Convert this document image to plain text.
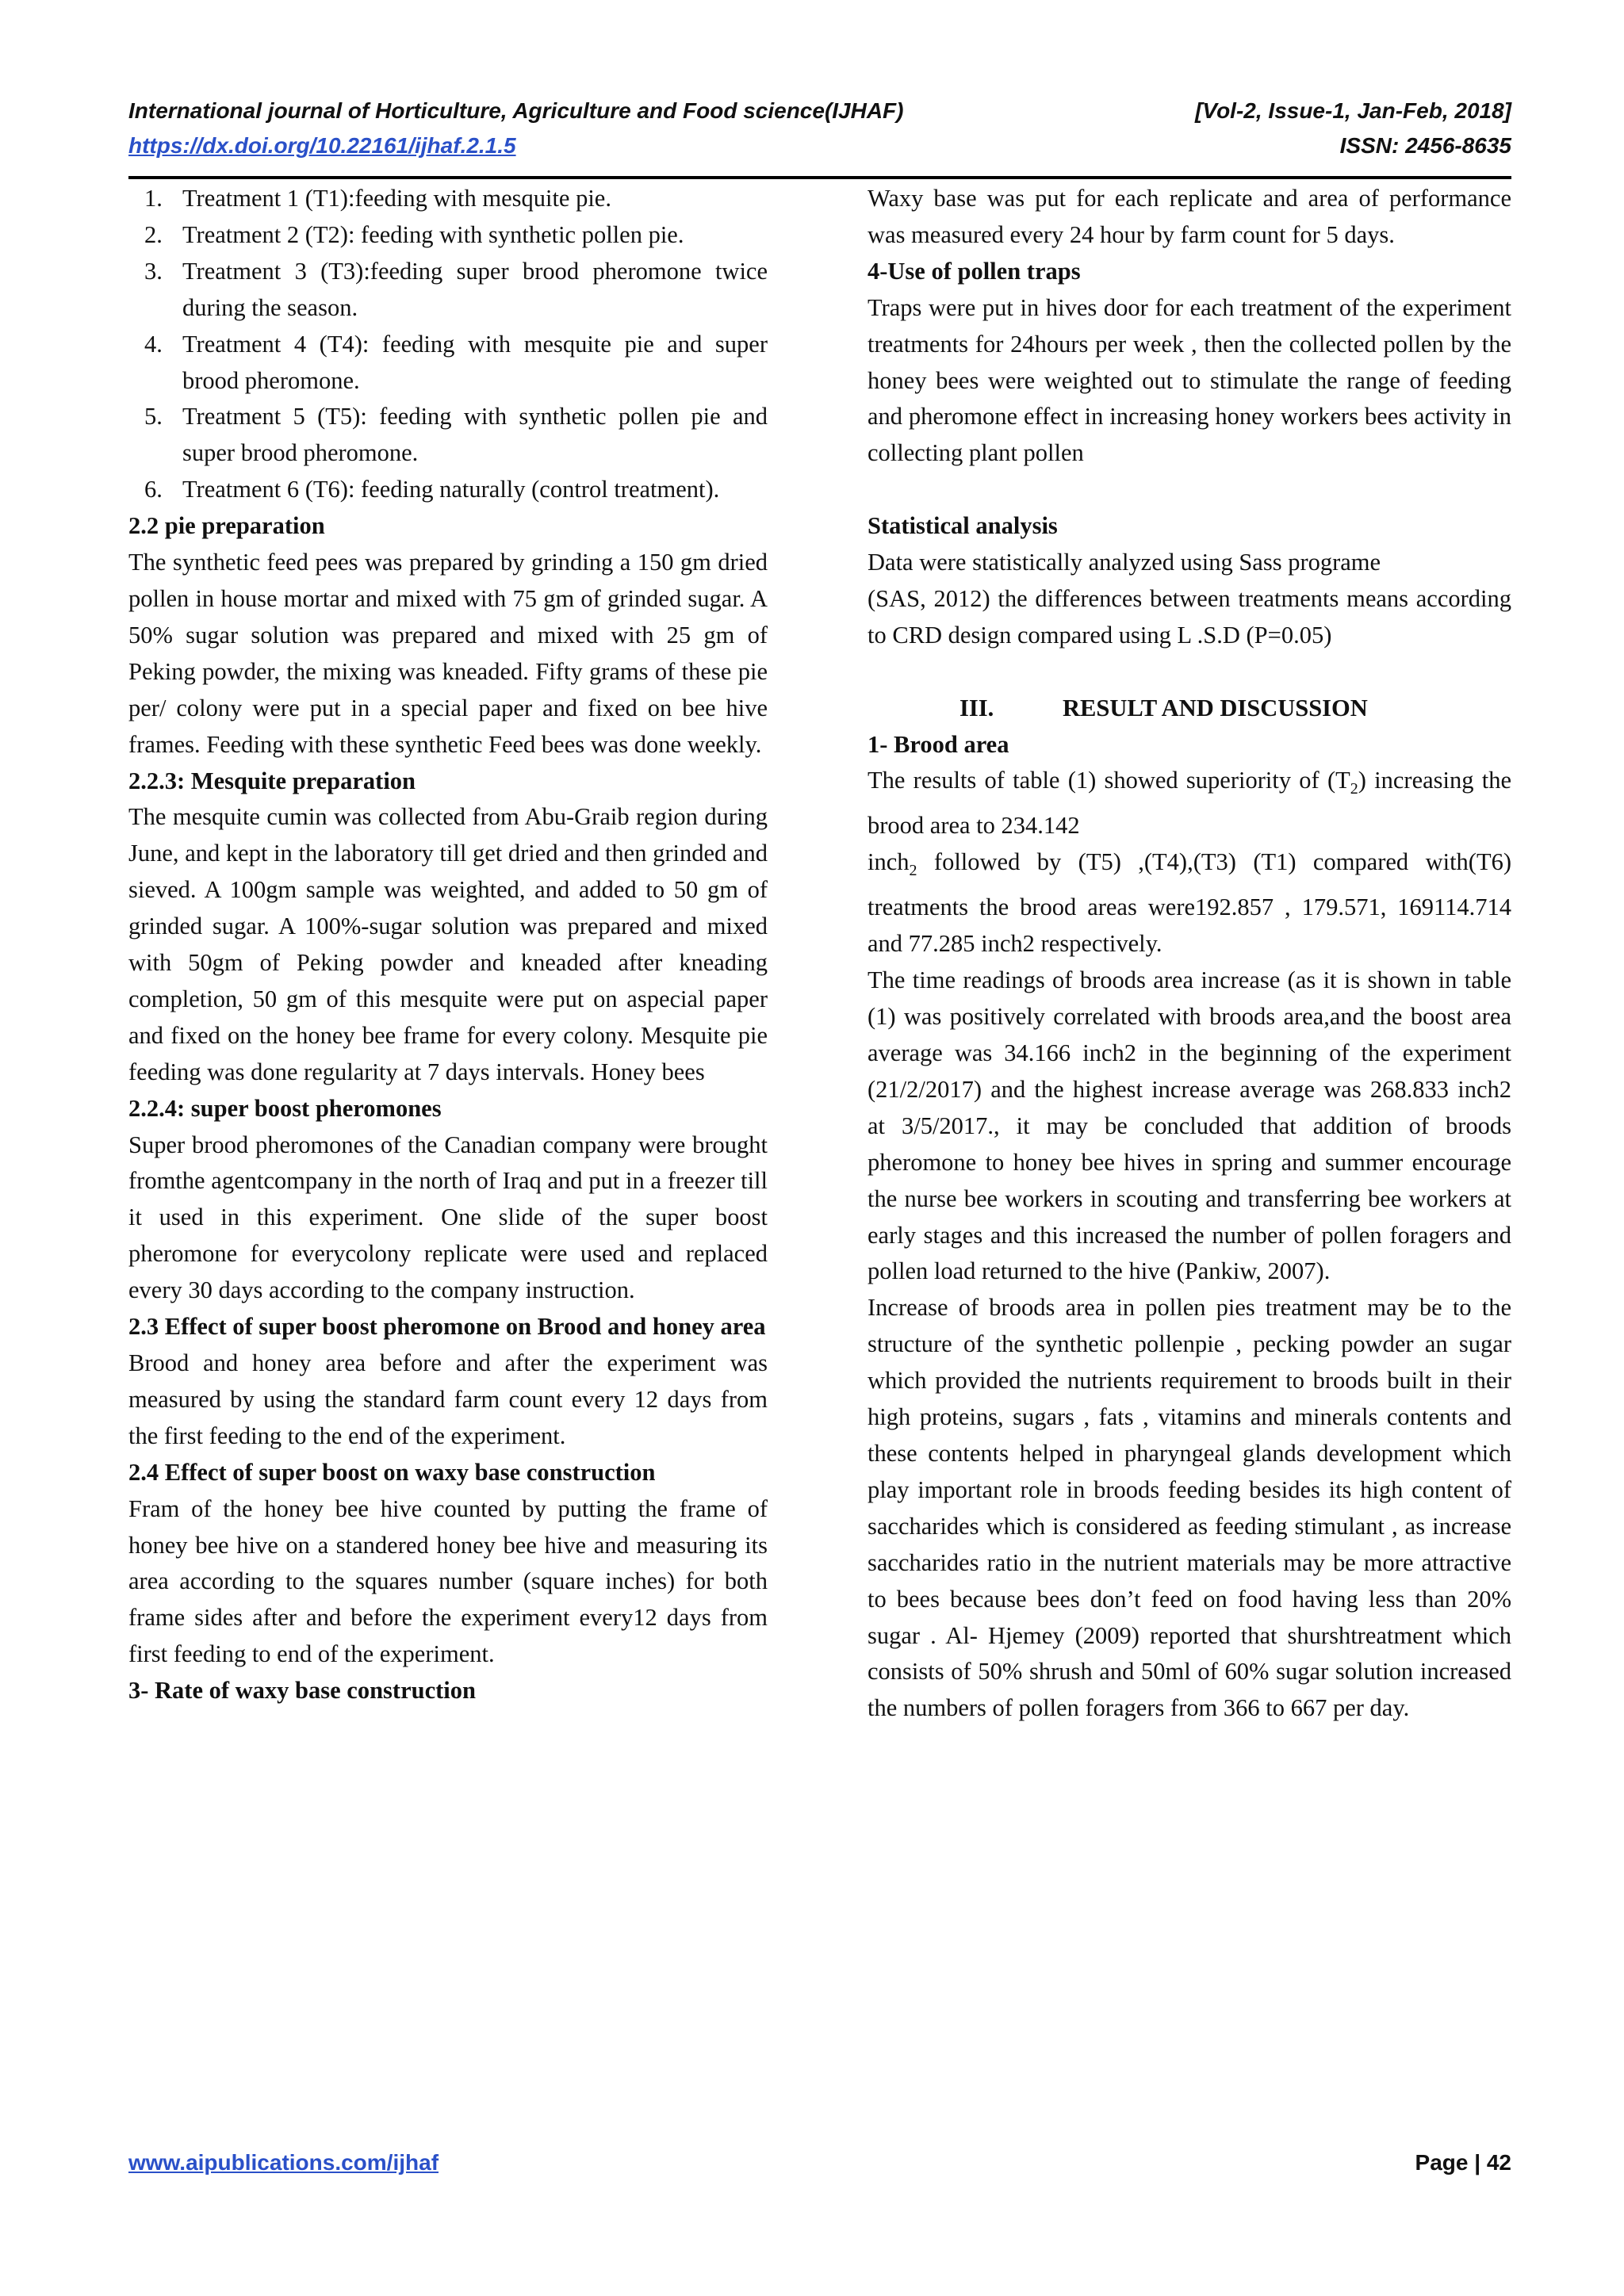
International journal of Horticulture, Agriculture and Food science(IJHAF)	[Vol-2, Issue-1, Jan-Feb, 2018]
https://dx.doi.org/10.22161/ijhaf.2.1.5	ISSN: 2456-8635
1. Treatment 1 (T1):feeding with mesquite pie.
2. Treatment 2 (T2): feeding with synthetic pollen pie.
3. Treatment 3 (T3):feeding super brood pheromone twice during the season.
4. Treatment 4 (T4): feeding with mesquite pie and super brood pheromone.
5. Treatment 5 (T5): feeding with synthetic pollen pie and super brood pheromone.
6. Treatment 6 (T6): feeding naturally (control treatment).

2.2 pie preparation

The synthetic feed pees was prepared by grinding a 150 gm dried pollen in house mortar and mixed with 75 gm of grinded sugar. A 50% sugar solution was prepared and mixed with 25 gm of Peking powder, the mixing was kneaded. Fifty grams of these pie per/ colony were put in a special paper and fixed on bee hive frames. Feeding with these synthetic Feed bees was done weekly.

2.2.3: Mesquite preparation

The mesquite cumin was collected from Abu-Graib region during June, and kept in the laboratory till get dried and then grinded and sieved. A 100gm sample was weighted, and added to 50 gm of grinded sugar. A 100%-sugar solution was prepared and mixed with 50gm of Peking powder and kneaded after kneading completion, 50 gm of this mesquite were put on aspecial paper and fixed on the honey bee frame for every colony. Mesquite pie feeding was done regularity at 7 days intervals. Honey bees

2.2.4: super boost pheromones

Super brood pheromones of the Canadian company were brought fromthe agentcompany in the north of Iraq and put in a freezer till it used in this experiment. One slide of the super boost pheromone for everycolony replicate were used and replaced every 30 days according to the company instruction.

2.3 Effect of super boost pheromone on Brood and honey area

Brood and honey area before and after the experiment was measured by using the standard farm count every 12 days from the first feeding to the end of the experiment.

2.4 Effect of super boost on waxy base construction

Fram of the honey bee hive counted by putting the frame of honey bee hive on a standered honey bee hive and measuring its area according to the squares number (square inches) for both frame sides after and before the experiment every12 days from first feeding to end of the experiment.

3- Rate of waxy base construction

Waxy base was put for each replicate and area of performance was measured every 24 hour by farm count for 5 days.

4-Use of pollen traps

Traps were put in hives door for each treatment of the experiment treatments for 24hours per week , then the collected pollen by the honey bees were weighted out to stimulate the range of feeding and pheromone effect in increasing honey workers bees activity in collecting plant pollen

Statistical analysis

Data were statistically analyzed using Sass programe

(SAS, 2012) the differences between treatments means according to CRD design compared using L .S.D (P=0.05)

III.	RESULT AND DISCUSSION

1- Brood area

The results of table (1) showed superiority of $(T_2)$ increasing the brood area to 234.142

inch$_2$ followed by (T5) ,(T4),(T3) (T1) compared with(T6) treatments the brood areas were192.857 , 179.571, 169114.714 and 77.285 inch2 respectively.

The time readings of broods area increase (as it is shown in table (1) was positively correlated with broods area,and the boost area average was 34.166 inch2 in the beginning of the experiment (21/2/2017) and the highest increase average was 268.833 inch2 at 3/5/2017., it may be concluded that addition of broods pheromone to honey bee hives in spring and summer encourage the nurse bee workers in scouting and transferring bee workers at early stages and this increased the number of pollen foragers and pollen load returned to the hive (Pankiw, 2007).

Increase of broods area in pollen pies treatment may be to the structure of the synthetic pollenpie , pecking powder an sugar which provided the nutrients requirement to broods built in their high proteins, sugars , fats , vitamins and minerals contents and these contents helped in pharyngeal glands development which play important role in broods feeding besides its high content of saccharides which is considered as feeding stimulant , as increase saccharides ratio in the nutrient materials may be more attractive to bees because bees don’t feed on food having less than 20% sugar . Al- Hjemey (2009) reported that shurshtreatment which consists of 50% shrush and 50ml of 60% sugar solution increased the numbers of pollen foragers from 366 to 667 per day.

www.aipublications.com/ijhaf	Page | 42
